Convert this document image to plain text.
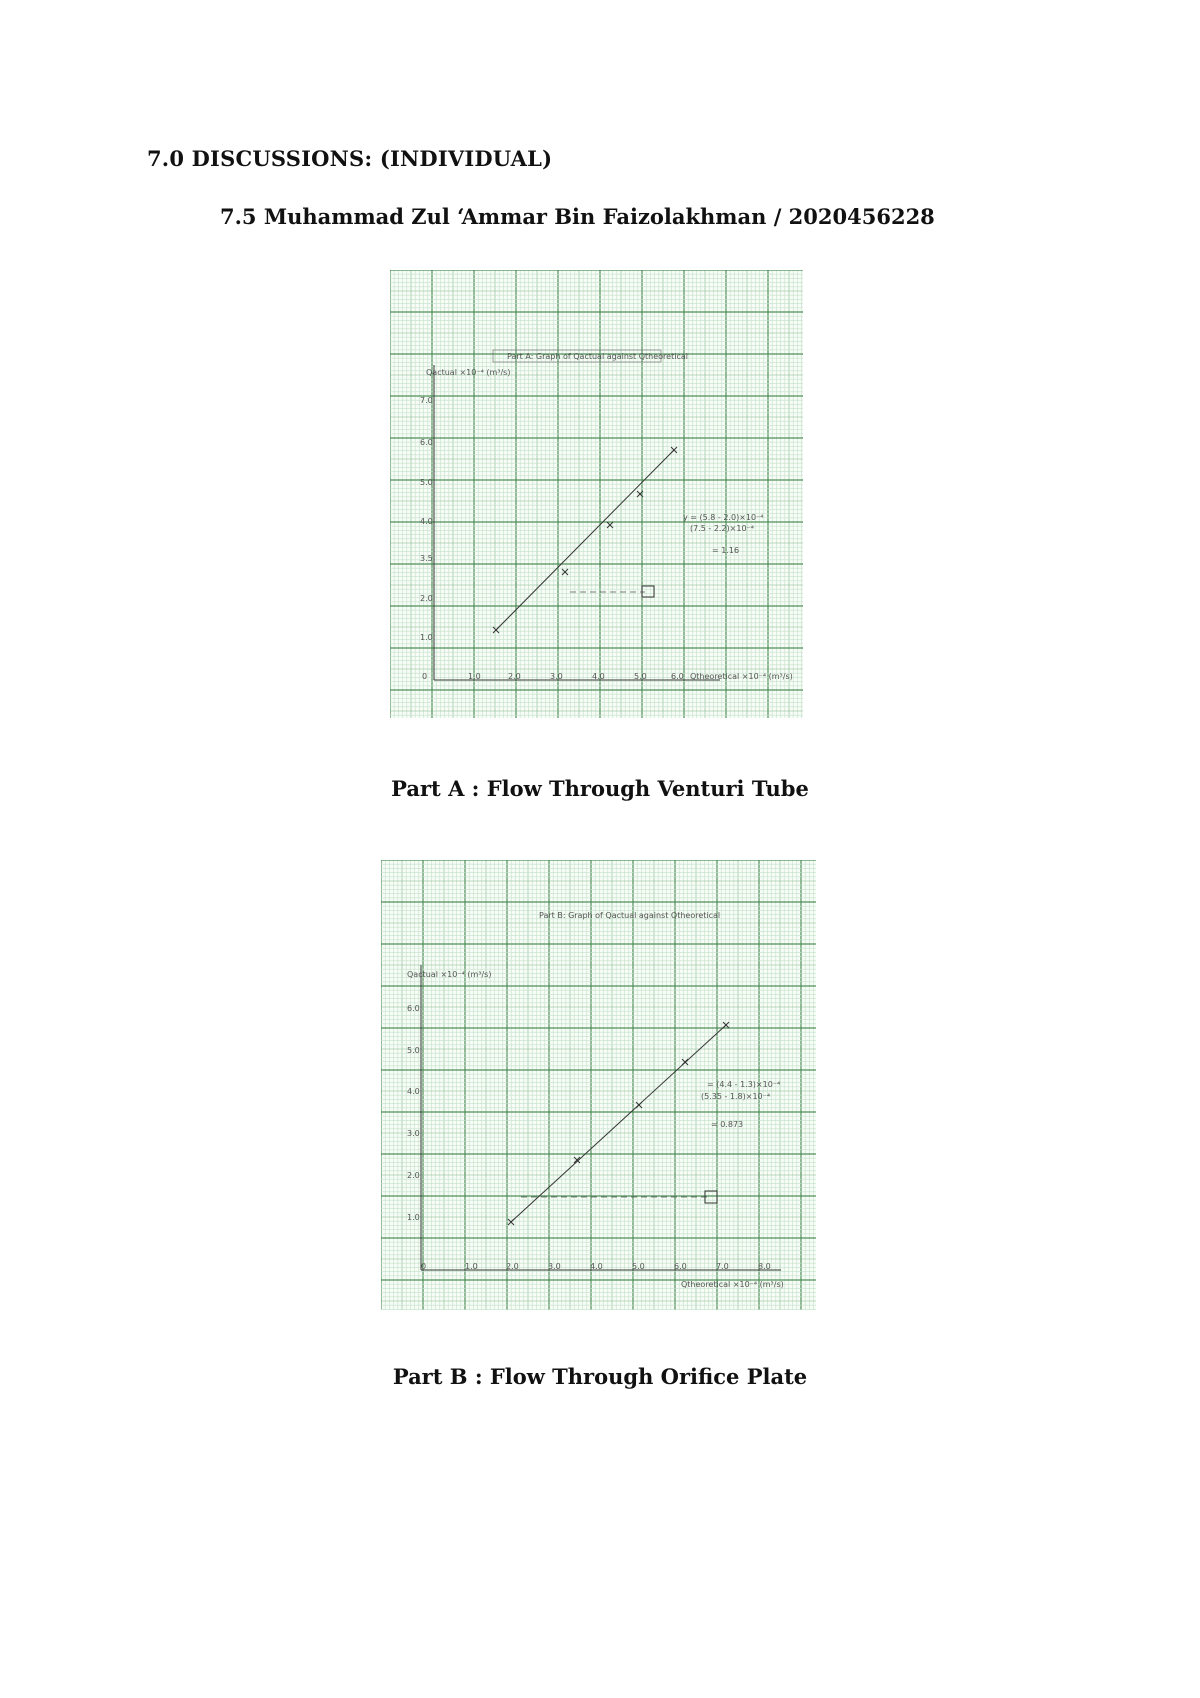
7.0 DISCUSSIONS: (INDIVIDUAL)
7.5 Muhammad Zul ‘Ammar Bin Faizolakhman / 2020456228
Part A: Graph of Qactual against Qtheoretical
Qactual ×10⁻⁴ (m³/s)
Qtheoretical ×10⁻⁴ (m³/s)
y = (5.8 - 2.0)×10⁻⁴
(7.5 - 2.2)×10⁻⁴
= 1.16
7.0
6.0
5.0
4.0
3.5
2.0
1.0
0	1.0	2.0	3.0	4.0	5.0	6.0
Part A : Flow Through Venturi Tube
Part B: Graph of Qactual against Qtheoretical
Qactual ×10⁻⁴ (m³/s)
Qtheoretical ×10⁻⁴ (m³/s)
= (4.4 - 1.3)×10⁻⁴
(5.35 - 1.8)×10⁻⁴
= 0.873
6.0
5.0
4.0
3.0
2.0
1.0
0	1.0	2.0	3.0	4.0	5.0	6.0	7.0	8.0
Part B : Flow Through Orifice Plate
